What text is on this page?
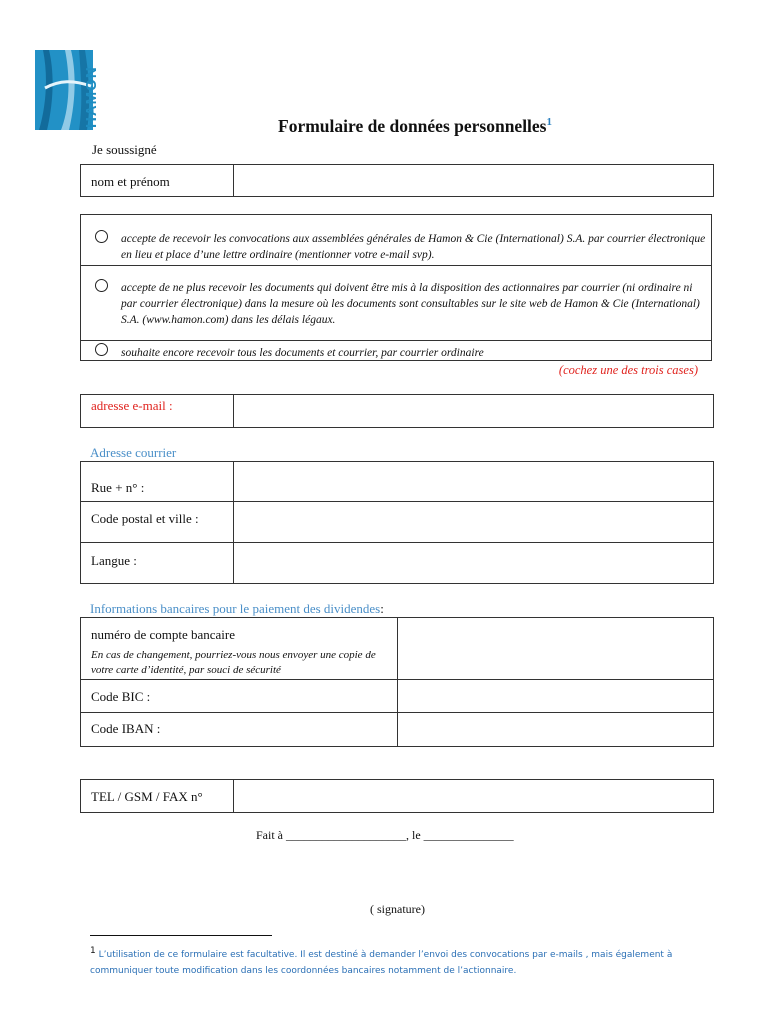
HAMON	Formulaire de données personnelles$^1$
Je soussigné
nom et prénom
accepte de recevoir les convocations aux assemblées générales de Hamon & Cie (International) S.A. par courrier électronique en lieu et place d’une lettre ordinaire (mentionner votre e-mail svp).
accepte de ne plus recevoir les documents qui doivent être mis à la disposition des actionnaires par courrier (ni ordinaire ni par courrier électronique) dans la mesure où les documents sont consultables sur le site web de Hamon & Cie (International) S.A. (www.hamon.com) dans les délais légaux.
souhaite encore recevoir tous les documents et courrier, par courrier ordinaire
(cochez une des trois cases)
adresse e-mail :
Adresse courrier
Rue + n° :
Code postal et ville :
Langue :
Informations bancaires pour le paiement des dividendes:
numéro de compte bancaire
En cas de changement, pourriez-vous nous envoyer une copie de votre carte d’identité, par souci de sécurité
Code BIC :
Code IBAN :
TEL / GSM / FAX n°
Fait à ____________________, le _______________
( signature)
$^1$ L’utilisation de ce formulaire est facultative. Il est destiné à demander l’envoi des convocations par e-mails , mais également à communiquer toute modification dans les coordonnées bancaires notamment de l’actionnaire.
